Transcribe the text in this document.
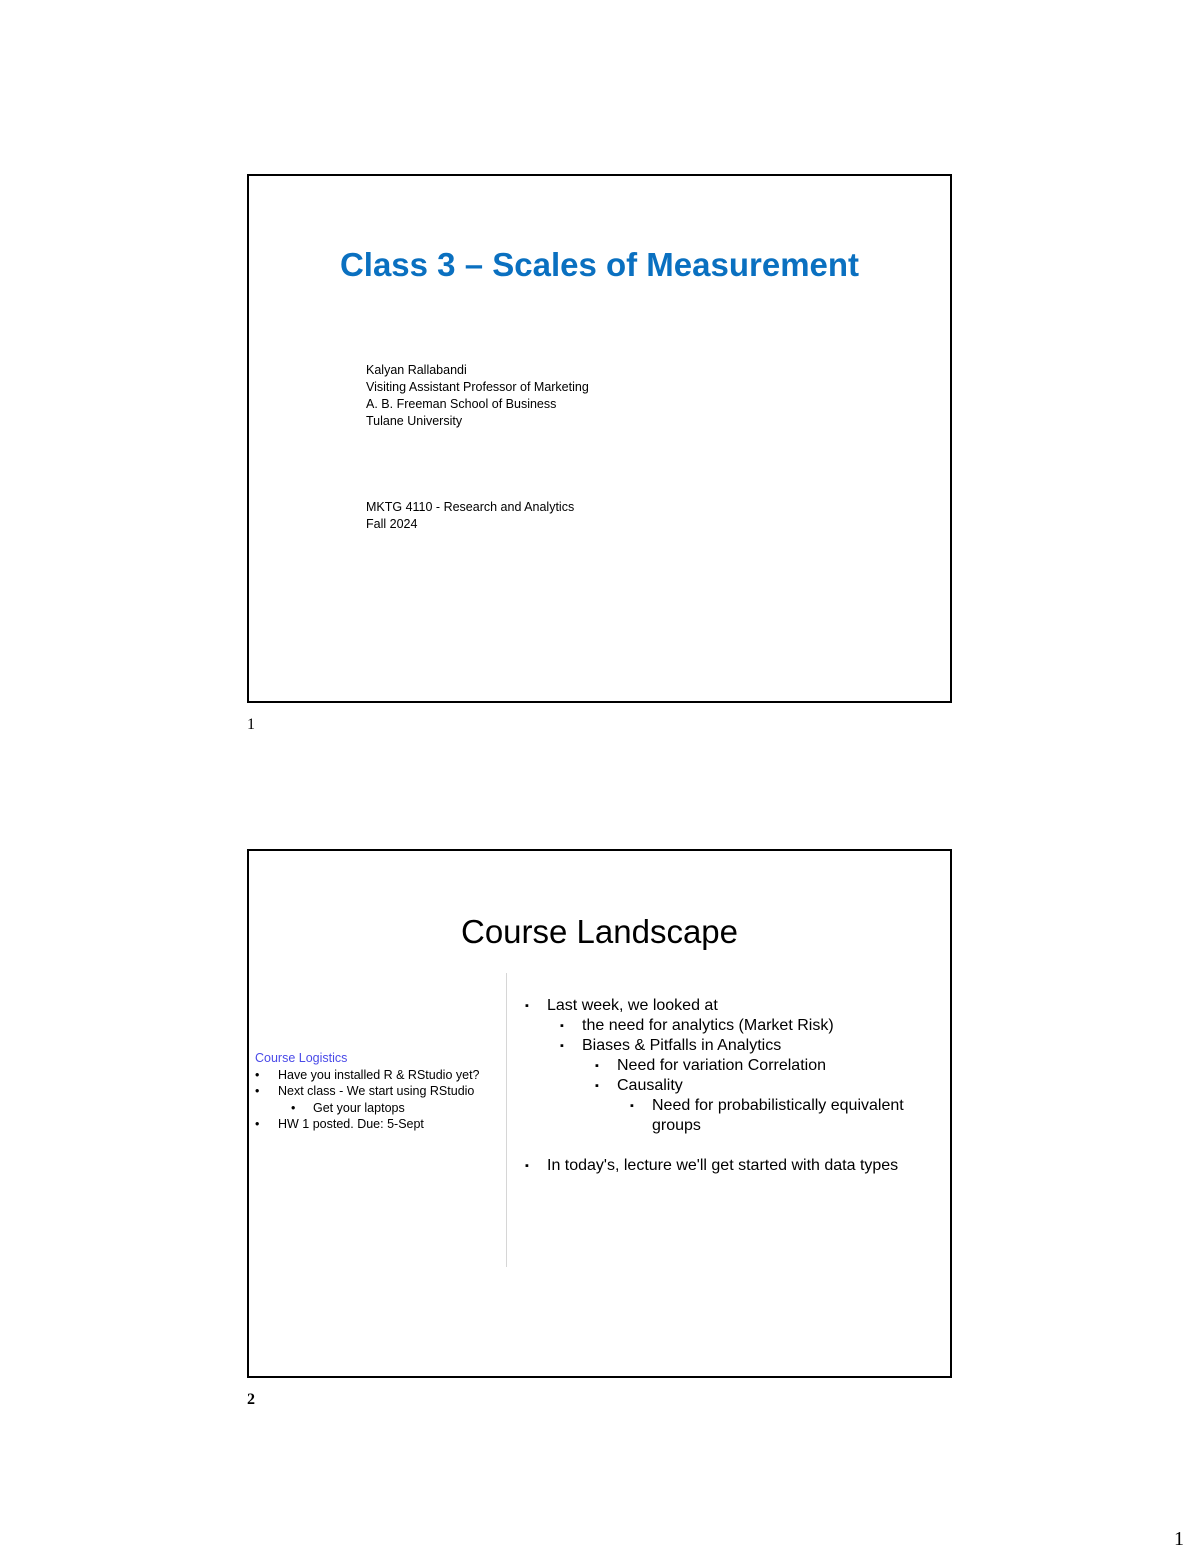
Class 3 – Scales of Measurement
Kalyan Rallabandi
Visiting Assistant Professor of Marketing
A. B. Freeman School of Business
Tulane University
MKTG 4110 - Research and Analytics
Fall 2024
1
Course Landscape
Course Logistics
• Have you installed R & RStudio yet?
• Next class - We start using RStudio
• Get your laptops
• HW 1 posted. Due: 5-Sept
▪ Last week, we looked at
▪ the need for analytics (Market Risk)
▪ Biases & Pitfalls in Analytics
▪ Need for variation Correlation
▪ Causality
▪ Need for probabilistically equivalent groups
▪ In today's, lecture we'll get started with data types
2
1
